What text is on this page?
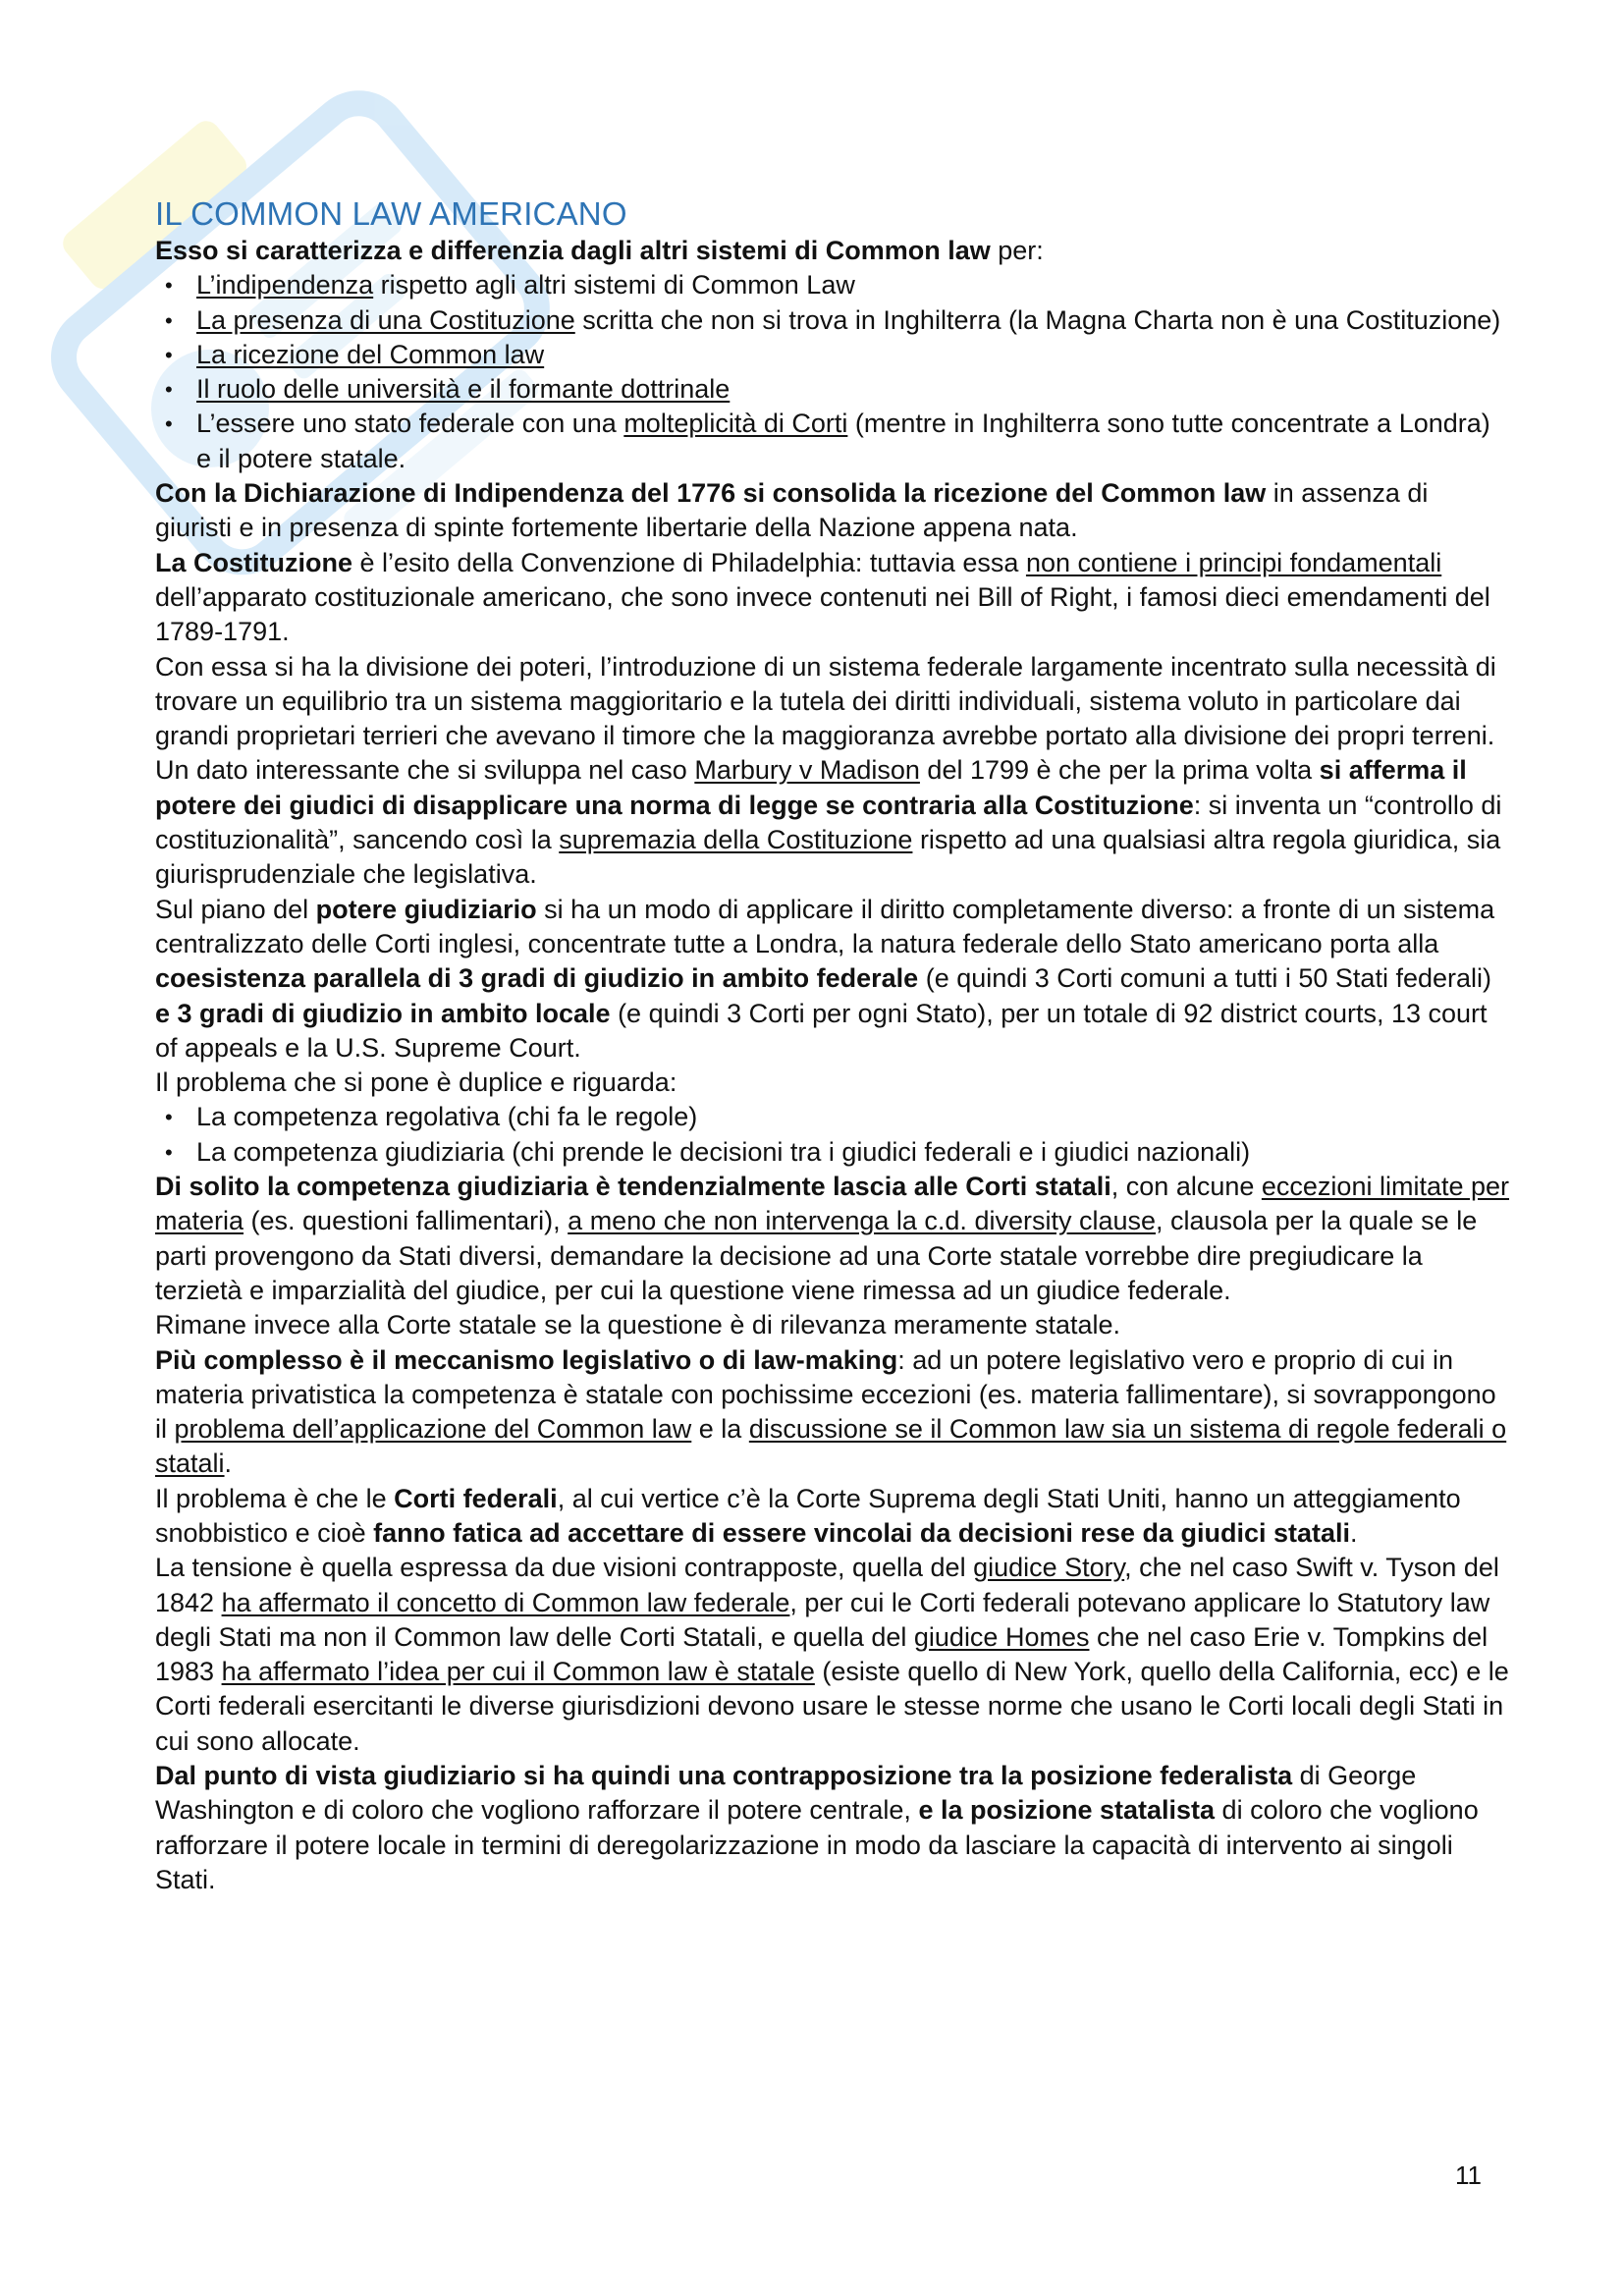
IL COMMON LAW AMERICANO

Esso si caratterizza e differenzia dagli altri sistemi di Common law per:

• L’indipendenza rispetto agli altri sistemi di Common Law
• La presenza di una Costituzione scritta che non si trova in Inghilterra (la Magna Charta non è una Costituzione)
• La ricezione del Common law
• Il ruolo delle università e il formante dottrinale
• L’essere uno stato federale con una molteplicità di Corti (mentre in Inghilterra sono tutte concentrate a Londra) e il potere statale.

Con la Dichiarazione di Indipendenza del 1776 si consolida la ricezione del Common law in assenza di giuristi e in presenza di spinte fortemente libertarie della Nazione appena nata.

La Costituzione è l’esito della Convenzione di Philadelphia: tuttavia essa non contiene i principi fondamentali dell’apparato costituzionale americano, che sono invece contenuti nei Bill of Right, i famosi dieci emendamenti del 1789-1791.

Con essa si ha la divisione dei poteri, l’introduzione di un sistema federale largamente incentrato sulla necessità di trovare un equilibrio tra un sistema maggioritario e la tutela dei diritti individuali, sistema voluto in particolare dai grandi proprietari terrieri che avevano il timore che la maggioranza avrebbe portato alla divisione dei propri terreni.

Un dato interessante che si sviluppa nel caso Marbury v Madison del 1799 è che per la prima volta si afferma il potere dei giudici di disapplicare una norma di legge se contraria alla Costituzione: si inventa un “controllo di costituzionalità”, sancendo così la supremazia della Costituzione rispetto ad una qualsiasi altra regola giuridica, sia giurisprudenziale che legislativa.

Sul piano del potere giudiziario si ha un modo di applicare il diritto completamente diverso: a fronte di un sistema centralizzato delle Corti inglesi, concentrate tutte a Londra, la natura federale dello Stato americano porta alla coesistenza parallela di 3 gradi di giudizio in ambito federale (e quindi 3 Corti comuni a tutti i 50 Stati federali) e 3 gradi di giudizio in ambito locale (e quindi 3 Corti per ogni Stato), per un totale di 92 district courts, 13 court of appeals e la U.S. Supreme Court.

Il problema che si pone è duplice e riguarda:

• La competenza regolativa (chi fa le regole)
• La competenza giudiziaria (chi prende le decisioni tra i giudici federali e i giudici nazionali)

Di solito la competenza giudiziaria è tendenzialmente lascia alle Corti statali, con alcune eccezioni limitate per materia (es. questioni fallimentari), a meno che non intervenga la c.d. diversity clause, clausola per la quale se le parti provengono da Stati diversi, demandare la decisione ad una Corte statale vorrebbe dire pregiudicare la terzietà e imparzialità del giudice, per cui la questione viene rimessa ad un giudice federale.

Rimane invece alla Corte statale se la questione è di rilevanza meramente statale.

Più complesso è il meccanismo legislativo o di law-making: ad un potere legislativo vero e proprio di cui in materia privatistica la competenza è statale con pochissime eccezioni (es. materia fallimentare), si sovrappongono il problema dell’applicazione del Common law e la discussione se il Common law sia un sistema di regole federali o statali.

Il problema è che le Corti federali, al cui vertice c’è la Corte Suprema degli Stati Uniti, hanno un atteggiamento snobbistico e cioè fanno fatica ad accettare di essere vincolai da decisioni rese da giudici statali.

La tensione è quella espressa da due visioni contrapposte, quella del giudice Story, che nel caso Swift v. Tyson del 1842 ha affermato il concetto di Common law federale, per cui le Corti federali potevano applicare lo Statutory law degli Stati ma non il Common law delle Corti Statali, e quella del giudice Homes che nel caso Erie v. Tompkins del 1983 ha affermato l’idea per cui il Common law è statale (esiste quello di New York, quello della California, ecc) e le Corti federali esercitanti le diverse giurisdizioni devono usare le stesse norme che usano le Corti locali degli Stati in cui sono allocate.

Dal punto di vista giudiziario si ha quindi una contrapposizione tra la posizione federalista di George Washington e di coloro che vogliono rafforzare il potere centrale, e la posizione statalista di coloro che vogliono rafforzare il potere locale in termini di deregolarizzazione in modo da lasciare la capacità di intervento ai singoli Stati.

11
